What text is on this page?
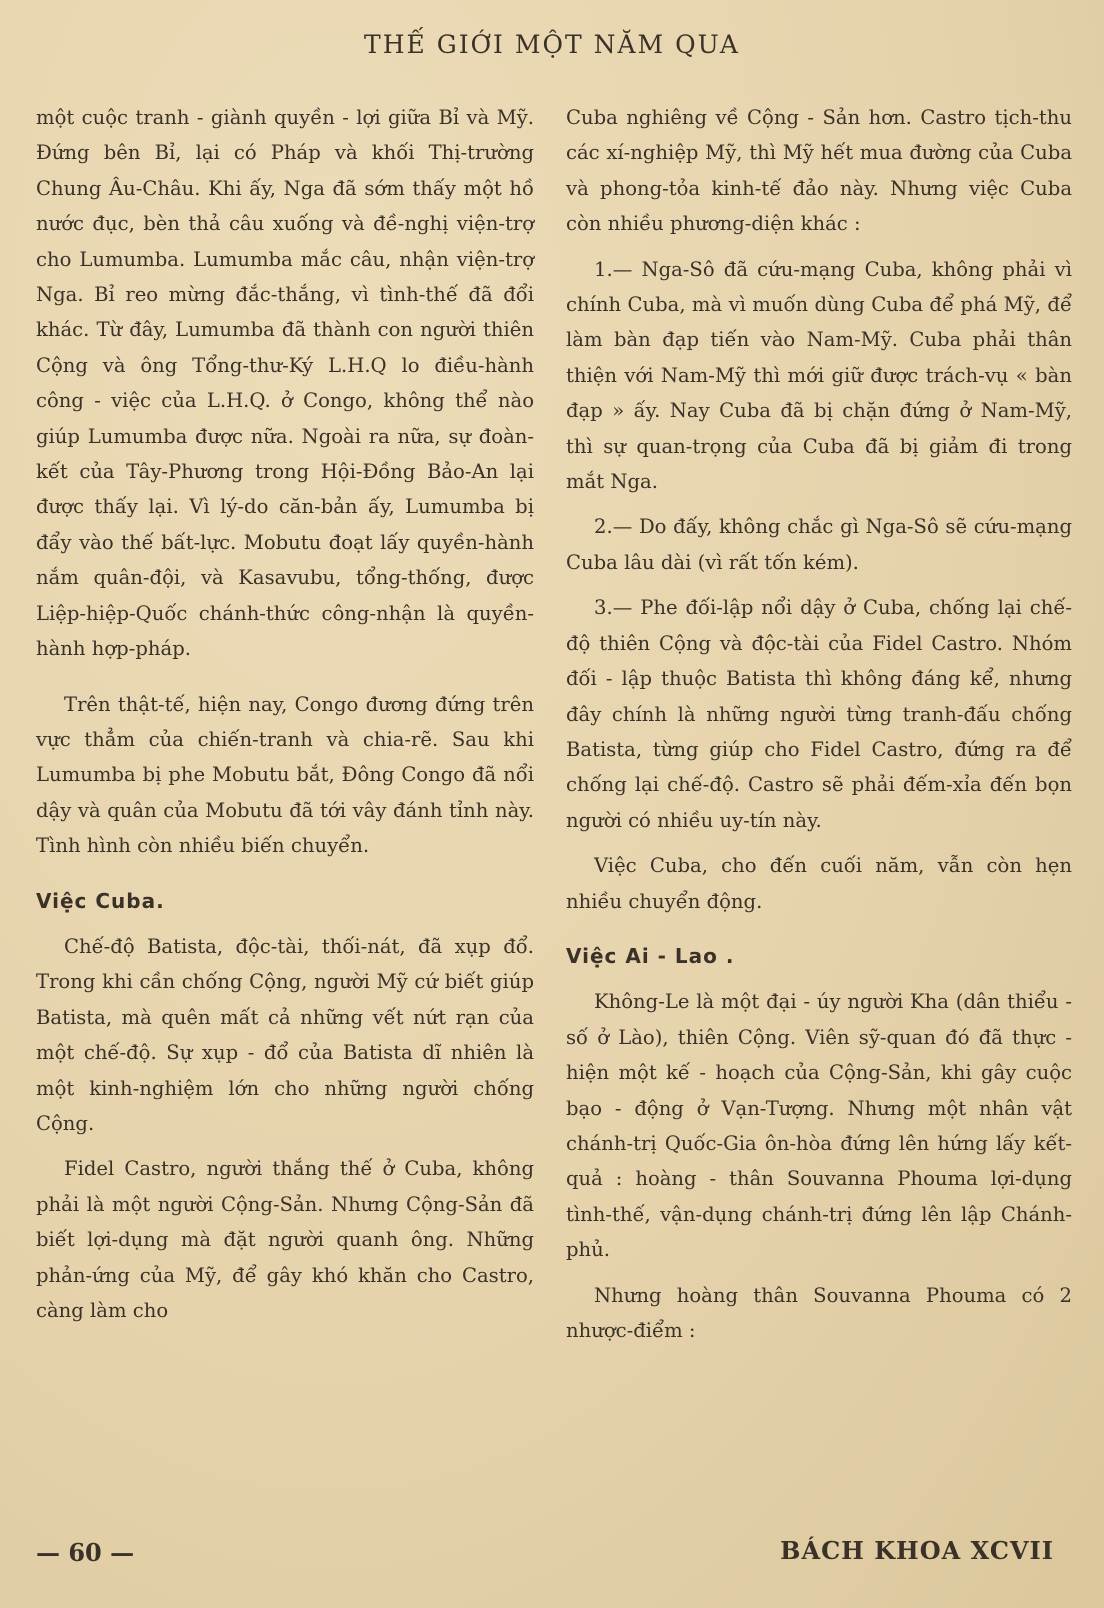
THẾ GIỚI MỘT NĂM QUA

một cuộc tranh - giành quyền - lợi giữa Bỉ và Mỹ. Đứng bên Bỉ, lại có Pháp và khối Thị-trường Chung Âu-Châu. Khi ấy, Nga đã sớm thấy một hồ nước đục, bèn thả câu xuống và đề-nghị viện-trợ cho Lumumba. Lumumba mắc câu, nhận viện-trợ Nga. Bỉ reo mừng đắc-thắng, vì tình-thế đã đổi khác. Từ đây, Lumumba đã thành con người thiên Cộng và ông Tổng-thư-Ký L.H.Q lo điều-hành công - việc của L.H.Q. ở Congo, không thể nào giúp Lumumba được nữa. Ngoài ra nữa, sự đoàn-kết của Tây-Phương trong Hội-Đồng Bảo-An lại được thấy lại. Vì lý-do căn-bản ấy, Lumumba bị đẩy vào thế bất-lực. Mobutu đoạt lấy quyền-hành nắm quân-đội, và Kasavubu, tổng-thống, được Liệp-hiệp-Quốc chánh-thức công-nhận là quyền-hành hợp-pháp.

Trên thật-tế, hiện nay, Congo đương đứng trên vực thẳm của chiến-tranh và chia-rẽ. Sau khi Lumumba bị phe Mobutu bắt, Đông Congo đã nổi dậy và quân của Mobutu đã tới vây đánh tỉnh này. Tình hình còn nhiều biến chuyển.

Việc Cuba.

Chế-độ Batista, độc-tài, thối-nát, đã xụp đổ. Trong khi cần chống Cộng, người Mỹ cứ biết giúp Batista, mà quên mất cả những vết nứt rạn của một chế-độ. Sự xụp - đổ của Batista dĩ nhiên là một kinh-nghiệm lớn cho những người chống Cộng.

Fidel Castro, người thắng thế ở Cuba, không phải là một người Cộng-Sản. Nhưng Cộng-Sản đã biết lợi-dụng mà đặt người quanh ông. Những phản-ứng của Mỹ, để gây khó khăn cho Castro, càng làm cho

Cuba nghiêng về Cộng - Sản hơn. Castro tịch-thu các xí-nghiệp Mỹ, thì Mỹ hết mua đường của Cuba và phong-tỏa kinh-tế đảo này. Nhưng việc Cuba còn nhiều phương-diện khác :

1.— Nga-Sô đã cứu-mạng Cuba, không phải vì chính Cuba, mà vì muốn dùng Cuba để phá Mỹ, để làm bàn đạp tiến vào Nam-Mỹ. Cuba phải thân thiện với Nam-Mỹ thì mới giữ được trách-vụ « bàn đạp » ấy. Nay Cuba đã bị chặn đứng ở Nam-Mỹ, thì sự quan-trọng của Cuba đã bị giảm đi trong mắt Nga.

2.— Do đấy, không chắc gì Nga-Sô sẽ cứu-mạng Cuba lâu dài (vì rất tốn kém).

3.— Phe đối-lập nổi dậy ở Cuba, chống lại chế-độ thiên Cộng và độc-tài của Fidel Castro. Nhóm đối - lập thuộc Batista thì không đáng kể, nhưng đây chính là những người từng tranh-đấu chống Batista, từng giúp cho Fidel Castro, đứng ra để chống lại chế-độ. Castro sẽ phải đếm-xỉa đến bọn người có nhiều uy-tín này.

Việc Cuba, cho đến cuối năm, vẫn còn hẹn nhiều chuyển động.

Việc Ai - Lao .

Không-Le là một đại - úy người Kha (dân thiểu - số ở Lào), thiên Cộng. Viên sỹ-quan đó đã thực - hiện một kế - hoạch của Cộng-Sản, khi gây cuộc bạo - động ở Vạn-Tượng. Nhưng một nhân vật chánh-trị Quốc-Gia ôn-hòa đứng lên hứng lấy kết-quả : hoàng - thân Souvanna Phouma lợi-dụng tình-thế, vận-dụng chánh-trị đứng lên lập Chánh-phủ.

Nhưng hoàng thân Souvanna Phouma có 2 nhược-điểm :

— 60 —	BÁCH KHOA XCVII
